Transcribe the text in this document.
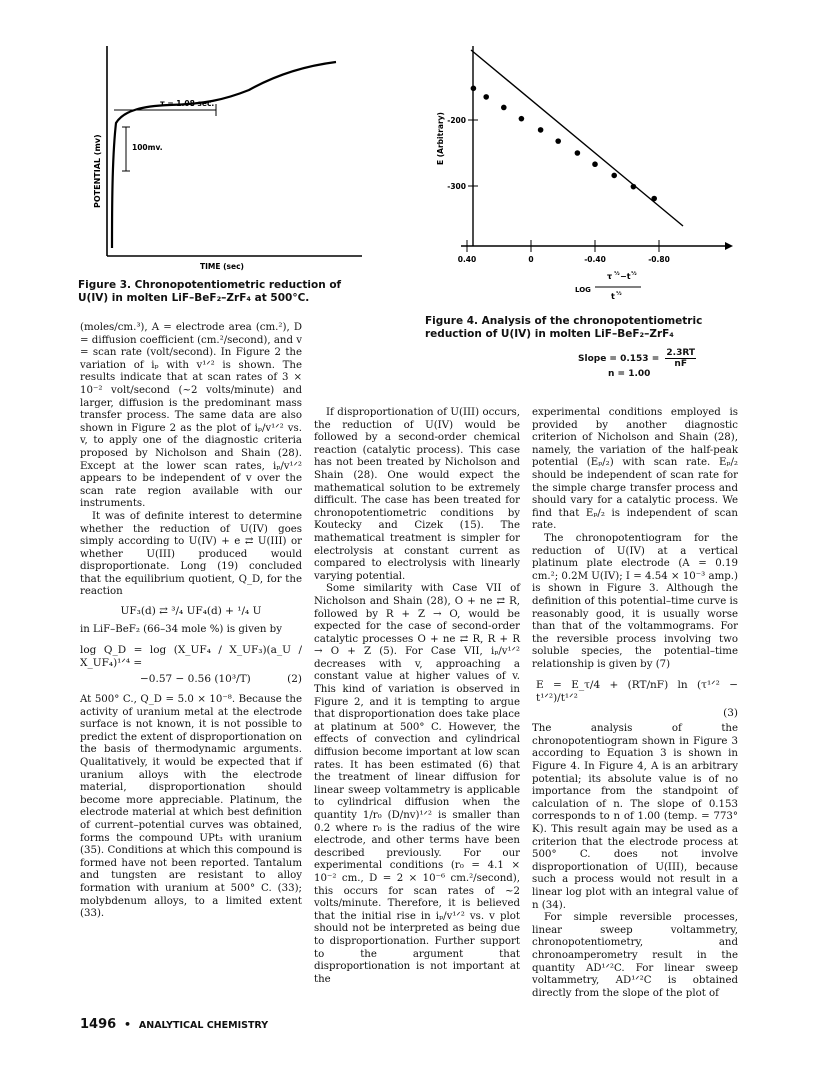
τ = 1.08 sec.
100mv.
POTENTIAL (mv)
TIME (sec)
Figure 3. Chronopotentiometric reduction of U(IV) in molten LiF–BeF₂–ZrF₄ at 500°C.
0.40	0	-0.40	-0.80
-200
-300
E (Arbitrary)
LOG
τ ½ −t ½
t ½
Figure 4. Analysis of the chronopotentiometric reduction of U(IV) in molten LiF–BeF₂–ZrF₄
Slope = $0.153 = \frac{2.3RT}{nF}$
n = 1.00

(moles/cm.³), A = electrode area (cm.²), D = diffusion coefficient (cm.²/second), and v = scan rate (volt/second). In Figure 2 the variation of iₚ with v¹ᐟ² is shown. The results indicate that at scan rates of 3 × 10⁻² volt/second (~2 volts/minute) and larger, diffusion is the predominant mass transfer process. The same data are also shown in Figure 2 as the plot of iₚ/v¹ᐟ² vs. v, to apply one of the diagnostic criteria proposed by Nicholson and Shain (28). Except at the lower scan rates, iₚ/v¹ᐟ² appears to be independent of v over the scan rate region available with our instruments.

It was of definite interest to determine whether the reduction of U(IV) goes simply according to U(IV) + e ⇄ U(III) or whether U(III) produced would disproportionate. Long (19) concluded that the equilibrium quotient, Q_D, for the reaction

UF₃(d) ⇄ ³/₄ UF₄(d) + ¹/₄ U

in LiF–BeF₂ (66–34 mole %) is given by

log Q_D = log (X_UF₄ / X_UF₃)(a_U / X_UF₄)¹ᐟ⁴ =
−0.57 − 0.56 (10³/T)	(2)

At 500° C., Q_D = 5.0 × 10⁻⁸. Because the activity of uranium metal at the electrode surface is not known, it is not possible to predict the extent of disproportionation on the basis of thermodynamic arguments. Qualitatively, it would be expected that if uranium alloys with the electrode material, disproportionation should become more appreciable. Platinum, the electrode material at which best definition of current–potential curves was obtained, forms the compound UPt₃ with uranium (35). Conditions at which this compound is formed have not been reported. Tantalum and tungsten are resistant to alloy formation with uranium at 500° C. (33); molybdenum alloys, to a limited extent (33).

If disproportionation of U(III) occurs, the reduction of U(IV) would be followed by a second-order chemical reaction (catalytic process). This case has not been treated by Nicholson and Shain (28). One would expect the mathematical solution to be extremely difficult. The case has been treated for chronopotentiometric conditions by Koutecky and Cizek (15). The mathematical treatment is simpler for electrolysis at constant current as compared to electrolysis with linearly varying potential.

Some similarity with Case VII of Nicholson and Shain (28), O + ne ⇄ R, followed by R + Z → O, would be expected for the case of second-order catalytic processes O + ne ⇄ R, R + R → O + Z (5). For Case VII, iₚ/v¹ᐟ² decreases with v, approaching a constant value at higher values of v. This kind of variation is observed in Figure 2, and it is tempting to argue that disproportionation does take place at platinum at 500° C. However, the effects of convection and cylindrical diffusion become important at low scan rates. It has been estimated (6) that the treatment of linear diffusion for linear sweep voltammetry is applicable to cylindrical diffusion when the quantity 1/r₀ (D/nv)¹ᐟ² is smaller than 0.2 where r₀ is the radius of the wire electrode, and other terms have been described previously. For our experimental conditions (r₀ = 4.1 × 10⁻² cm., D = 2 × 10⁻⁶ cm.²/second), this occurs for scan rates of ~2 volts/minute. Therefore, it is believed that the initial rise in iₚ/v¹ᐟ² vs. v plot should not be interpreted as being due to disproportionation. Further support to the argument that disproportionation is not important at the

experimental conditions employed is provided by another diagnostic criterion of Nicholson and Shain (28), namely, the variation of the half-peak potential (Eₚ/₂) with scan rate. Eₚ/₂ should be independent of scan rate for the simple charge transfer process and should vary for a catalytic process. We find that Eₚ/₂ is independent of scan rate.

The chronopotentiogram for the reduction of U(IV) at a vertical platinum plate electrode (A = 0.19 cm.²; 0.2M U(IV); I = 4.54 × 10⁻³ amp.) is shown in Figure 3. Although the definition of this potential–time curve is reasonably good, it is usually worse than that of the voltammograms. For the reversible process involving two soluble species, the potential–time relationship is given by (7)

E = E_τ/4 + (RT/nF) ln (τ¹ᐟ² − t¹ᐟ²)/t¹ᐟ²
(3)

The analysis of the chronopotentiogram shown in Figure 3 according to Equation 3 is shown in Figure 4. In Figure 4, A is an arbitrary potential; its absolute value is of no importance from the standpoint of calculation of n. The slope of 0.153 corresponds to n of 1.00 (temp. = 773° K). This result again may be used as a criterion that the electrode process at 500° C. does not involve disproportionation of U(III), because such a process would not result in a linear log plot with an integral value of n (34).

For simple reversible processes, linear sweep voltammetry, chronopotentiometry, and chronoamperometry result in the quantity AD¹ᐟ²C. For linear sweep voltammetry, AD¹ᐟ²C is obtained directly from the slope of the plot of

1496 • ANALYTICAL CHEMISTRY
